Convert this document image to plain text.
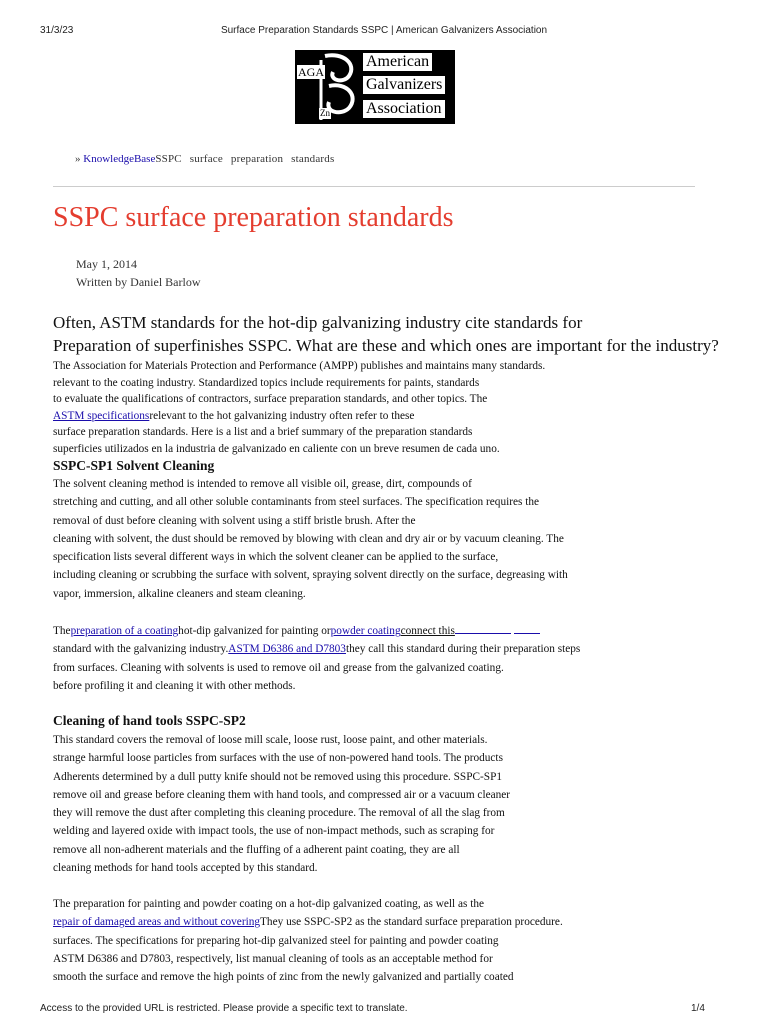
31/3/23	Surface Preparation Standards SSPC | American Galvanizers Association
AGA
Zn
American
Galvanizers
Association
» KnowledgeBaseSSPC surface preparation standards
SSPC surface preparation standards
May 1, 2014
Written by Daniel Barlow
Often, ASTM standards for the hot-dip galvanizing industry cite standards for
Preparation of superfinishes SSPC. What are these and which ones are important for the industry?
The Association for Materials Protection and Performance (AMPP) publishes and maintains many standards.
relevant to the coating industry. Standardized topics include requirements for paints, standards
to evaluate the qualifications of contractors, surface preparation standards, and other topics. The
ASTM specificationsrelevant to the hot galvanizing industry often refer to these
surface preparation standards. Here is a list and a brief summary of the preparation standards
superficies utilizados en la industria de galvanizado en caliente con un breve resumen de cada uno.
SSPC-SP1 Solvent Cleaning
The solvent cleaning method is intended to remove all visible oil, grease, dirt, compounds of
stretching and cutting, and all other soluble contaminants from steel surfaces. The specification requires the
removal of dust before cleaning with solvent using a stiff bristle brush. After the
cleaning with solvent, the dust should be removed by blowing with clean and dry air or by vacuum cleaning. The
specification lists several different ways in which the solvent cleaner can be applied to the surface,
including cleaning or scrubbing the surface with solvent, spraying solvent directly on the surface, degreasing with
vapor, immersion, alkaline cleaners and steam cleaning.
Thepreparation of a coatinghot-dip galvanized for painting orpowder coatingconnect this
standard with the galvanizing industry.ASTM D6386 and D7803they call this standard during their preparation steps
from surfaces. Cleaning with solvents is used to remove oil and grease from the galvanized coating.
before profiling it and cleaning it with other methods.
Cleaning of hand tools SSPC-SP2
This standard covers the removal of loose mill scale, loose rust, loose paint, and other materials.
strange harmful loose particles from surfaces with the use of non-powered hand tools. The products
Adherents determined by a dull putty knife should not be removed using this procedure. SSPC-SP1
remove oil and grease before cleaning them with hand tools, and compressed air or a vacuum cleaner
they will remove the dust after completing this cleaning procedure. The removal of all the slag from
welding and layered oxide with impact tools, the use of non-impact methods, such as scraping for
remove all non-adherent materials and the fluffing of a adherent paint coating, they are all
cleaning methods for hand tools accepted by this standard.
The preparation for painting and powder coating on a hot-dip galvanized coating, as well as the
repair of damaged areas and without coveringThey use SSPC-SP2 as the standard surface preparation procedure.
surfaces. The specifications for preparing hot-dip galvanized steel for painting and powder coating
ASTM D6386 and D7803, respectively, list manual cleaning of tools as an acceptable method for
smooth the surface and remove the high points of zinc from the newly galvanized and partially coated
Access to the provided URL is restricted. Please provide a specific text to translate.	1/4
